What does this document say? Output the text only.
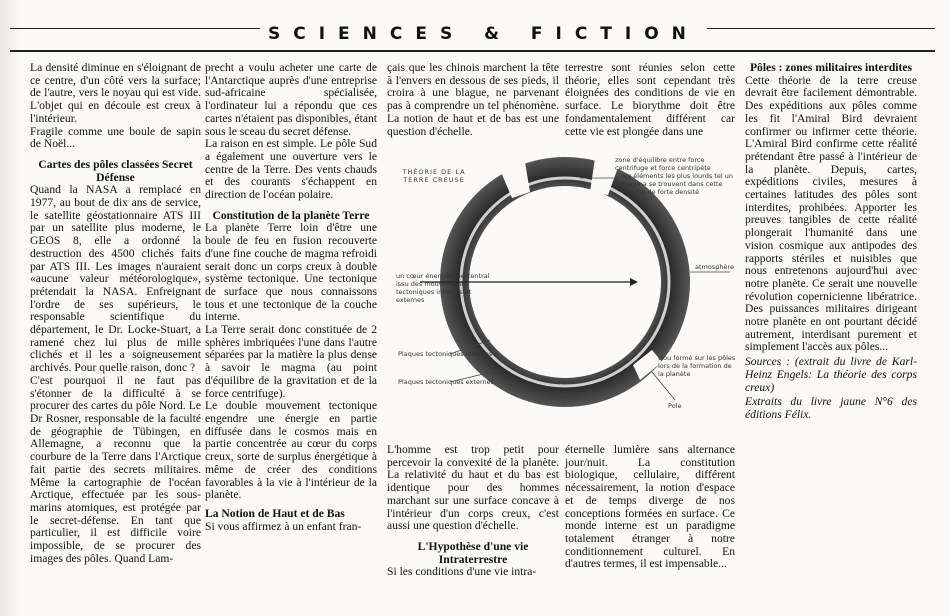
SCIENCES & FICTION

La densité diminue en s'éloignant de ce centre, d'un côté vers la surface; de l'autre, vers le noyau qui est vide. L'objet qui en découle est creux à l'intérieur.

Fragile comme une boule de sapin de Noël...

Cartes des pôles classées Secret Défense

Quand la NASA a remplacé en 1977, au bout de dix ans de service, le satellite géostationnaire ATS III par un satellite plus moderne, le GEOS 8, elle a ordonné la destruction des 4500 clichés faits par ATS III. Les images n'auraient «aucune valeur météorologique», prétendait la NASA. Enfreignant l'ordre de ses supérieurs, le responsable scientifique du département, le Dr. Locke-Stuart, a ramené chez lui plus de mille clichés et il les a soigneusement archivés. Pour quelle raison, donc ?

C'est pourquoi il ne faut pas s'étonner de la difficulté à se procurer des cartes du pôle Nord. Le Dr Rosner, responsable de la faculté de géographie de Tübingen, en Allemagne, a reconnu que la courbure de la Terre dans l'Arctique fait partie des secrets militaires. Même la cartographie de l'océan Arctique, effectuée par les sous-marins atomiques, est protégée par le secret-défense. En tant que particulier, il est difficile voire impossible, de se procurer des images des pôles. Quand Lam-

precht a voulu acheter une carte de l'Antarctique auprès d'une entreprise sud-africaine spécialisée, l'ordinateur lui a répondu que ces cartes n'étaient pas disponibles, étant sous le sceau du secret défense.

La raison en est simple. Le pôle Sud a également une ouverture vers le centre de la Terre. Des vents chauds et des courants s'échappent en direction de l'océan polaire.

Constitution de la planète Terre

La planète Terre loin d'être une boule de feu en fusion recouverte d'une fine couche de magma refroidi serait donc un corps creux à double système tectonique. Une tectonique de surface que nous connaissons tous et une tectonique de la couche interne.

La Terre serait donc constituée de 2 sphères imbriquées l'une dans l'autre séparées par la matière la plus dense à savoir le magma (au point d'équilibre de la gravitation et de la force centrifuge).

Le double mouvement tectonique engendre une énergie en partie diffusée dans le cosmos mais en partie concentrée au cœur du corps creux, sorte de surplus énergétique à même de créer des conditions favorables à la vie à l'intérieur de la planète.

La Notion de Haut et de Bas

Si vous affirmez à un enfant fran-

çais que les chinois marchent la tête à l'envers en dessous de ses pieds, il croira à une blague, ne parvenant pas à comprendre un tel phénomène. La notion de haut et de bas est une question d'échelle.

terrestre sont réunies selon cette théorie, elles sont cependant très éloignées des conditions de vie en surface. Le biorythme doit être fondamentalement différent car cette vie est plongée dans une

THÉORIE DE LA
TERRE CREUSE
zone d'équilibre entre force centrifuge et force centripète
les éléments les plus lourds tel un magma se trouvent dans cette couche de forte densité
un cœur énergétique central issu des mouvements tectoniques internes et externes
atmosphère
Plaques tectoniques internes
Plaques tectoniques externes
trou formé sur les pôles lors de la formation de la planète
Pole

L'homme est trop petit pour percevoir la convexité de la planète. La relativité du haut et du bas est identique pour des hommes marchant sur une surface concave à l'intérieur d'un corps creux, c'est aussi une question d'échelle.

L'Hypothèse d'une vie Intraterrestre

Si les conditions d'une vie intra-

éternelle lumière sans alternance jour/nuit. La constitution biologique, cellulaire, différent nécessairement, la notion d'espace et de temps diverge de nos conceptions formées en surface. Ce monde interne est un paradigme totalement étranger à notre conditionnement culturel. En d'autres termes, il est impensable...

Pôles : zones militaires interdites

Cette théorie de la terre creuse devrait être facilement démontrable. Des expéditions aux pôles comme les fit l'Amiral Bird devraient confirmer ou infirmer cette théorie. L'Amiral Bird confirme cette réalité prétendant être passé à l'intérieur de la planète. Depuis, cartes, expéditions civiles, mesures à certaines latitudes des pôles sont interdites, prohibées. Apporter les preuves tangibles de cette réalité plongerait l'humanité dans une vision cosmique aux antipodes des rapports stériles et nuisibles que nous entretenons aujourd'hui avec notre planète. Ce serait une nouvelle révolution copernicienne libératrice. Des puissances militaires dirigeant notre planète en ont pourtant décidé autrement, interdisant purement et simplement l'accès aux pôles...

Sources : (extrait du livre de Karl-Heinz Engels: La théorie des corps creux)

Extraits du livre jaune N°6 des éditions Félix.
